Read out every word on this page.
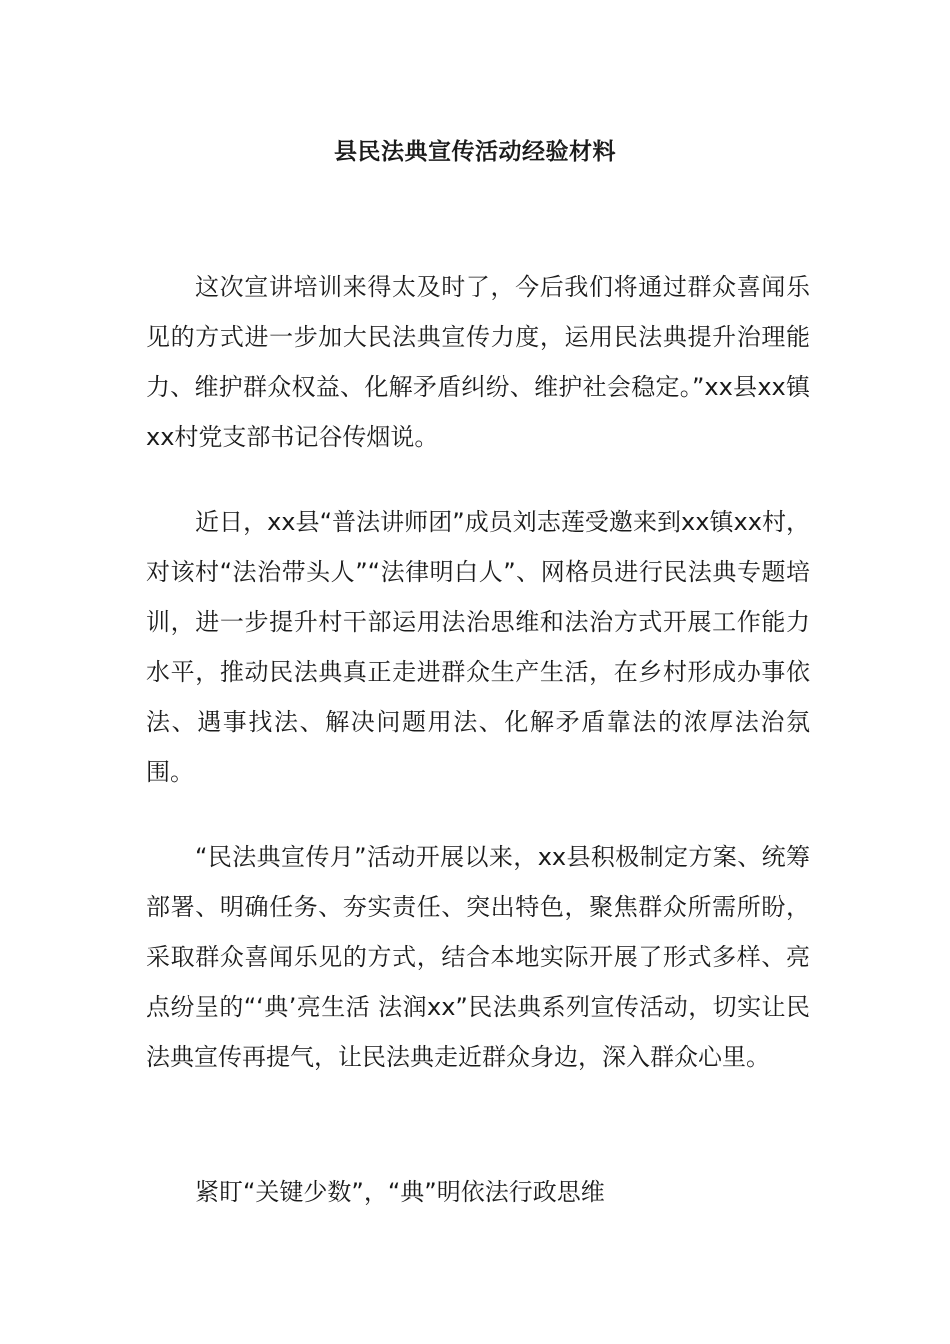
县民法典宣传活动经验材料

这次宣讲培训来得太及时了，今后我们将通过群众喜闻乐见的方式进一步加大民法典宣传力度，运用民法典提升治理能力、维护群众权益、化解矛盾纠纷、维护社会稳定。”xx县xx镇xx村党支部书记谷传烟说。

近日，xx县“普法讲师团”成员刘志莲受邀来到xx镇xx村，对该村“法治带头人”“法律明白人”、网格员进行民法典专题培训，进一步提升村干部运用法治思维和法治方式开展工作能力水平，推动民法典真正走进群众生产生活，在乡村形成办事依法、遇事找法、解决问题用法、化解矛盾靠法的浓厚法治氛围。

“民法典宣传月”活动开展以来，xx县积极制定方案、统筹部署、明确任务、夯实责任、突出特色，聚焦群众所需所盼，采取群众喜闻乐见的方式，结合本地实际开展了形式多样、亮点纷呈的“‘典’亮生活 法润xx”民法典系列宣传活动，切实让民法典宣传再提气，让民法典走近群众身边，深入群众心里。

紧盯“关键少数”，“典”明依法行政思维
